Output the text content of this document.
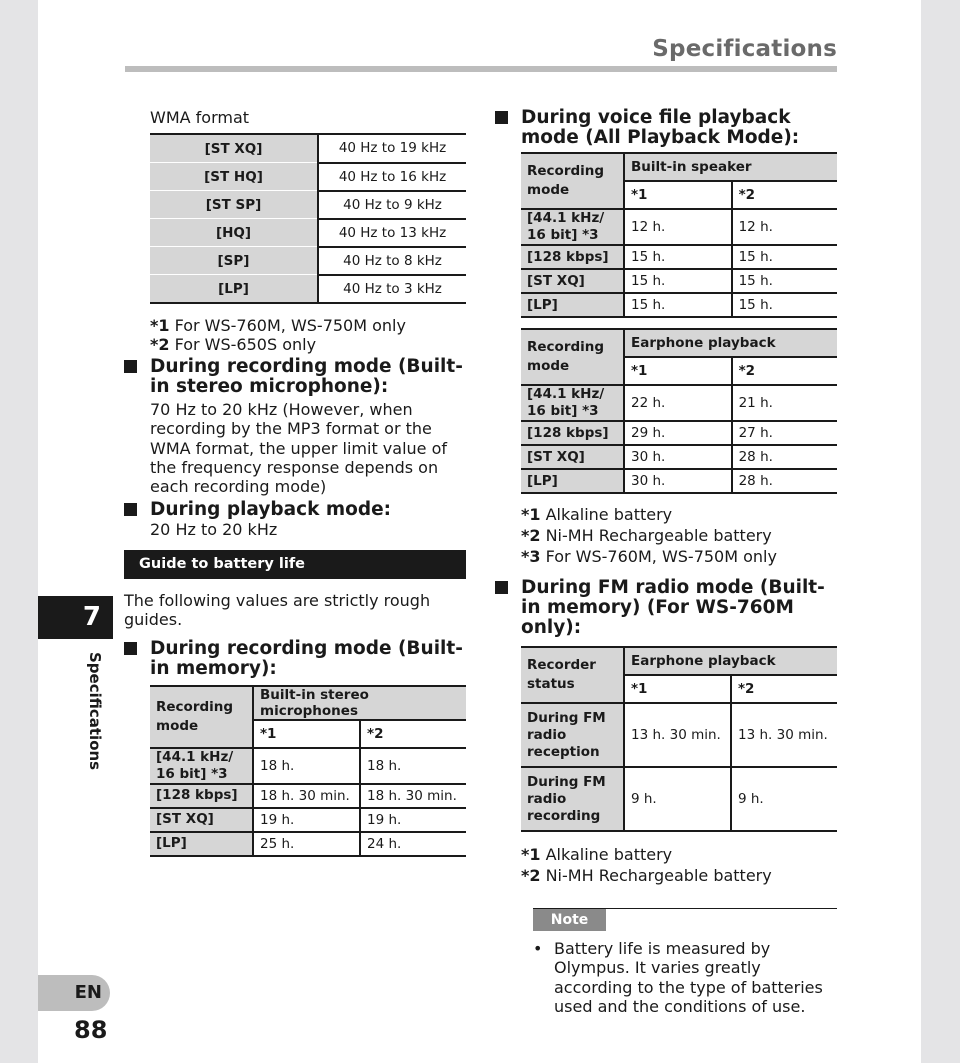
Specifications
7
Specifications
EN
88
WMA format
[ST XQ]	40 Hz to 19 kHz
[ST HQ]	40 Hz to 16 kHz
[ST SP]	40 Hz to 9 kHz
[HQ]	40 Hz to 13 kHz
[SP]	40 Hz to 8 kHz
[LP]	40 Hz to 3 kHz
*1 For WS-760M, WS-750M only
*2 For WS-650S only
During recording mode (Built-in stereo microphone):
70 Hz to 20 kHz (However, when recording by the MP3 format or the WMA format, the upper limit value of the frequency response depends on each recording mode)
During playback mode:
20 Hz to 20 kHz
Guide to battery life
The following values are strictly rough guides.
During recording mode (Built-in memory):
Recording mode	Built-in stereo microphones	
	*1	*2
[44.1 kHz/ 16 bit] *3	18 h.	18 h.
[128 kbps]	18 h. 30 min.	18 h. 30 min.
[ST XQ]	19 h.	19 h.
[LP]	25 h.	24 h.
During voice file playback mode (All Playback Mode):
Recording mode	Built-in speaker	
	*1	*2
[44.1 kHz/ 16 bit] *3	12 h.	12 h.
[128 kbps]	15 h.	15 h.
[ST XQ]	15 h.	15 h.
[LP]	15 h.	15 h.
Recording mode	Earphone playback	
	*1	*2
[44.1 kHz/ 16 bit] *3	22 h.	21 h.
[128 kbps]	29 h.	27 h.
[ST XQ]	30 h.	28 h.
[LP]	30 h.	28 h.
*1 Alkaline battery
*2 Ni-MH Rechargeable battery
*3 For WS-760M, WS-750M only
During FM radio mode (Built-in memory) (For WS-760M only):
Recorder status	Earphone playback	
	*1	*2
During FM radio reception	13 h. 30 min.	13 h. 30 min.
During FM radio recording	9 h.	9 h.
*1 Alkaline battery
*2 Ni-MH Rechargeable battery
Note
• Battery life is measured by Olympus. It varies greatly according to the type of batteries used and the conditions of use.
